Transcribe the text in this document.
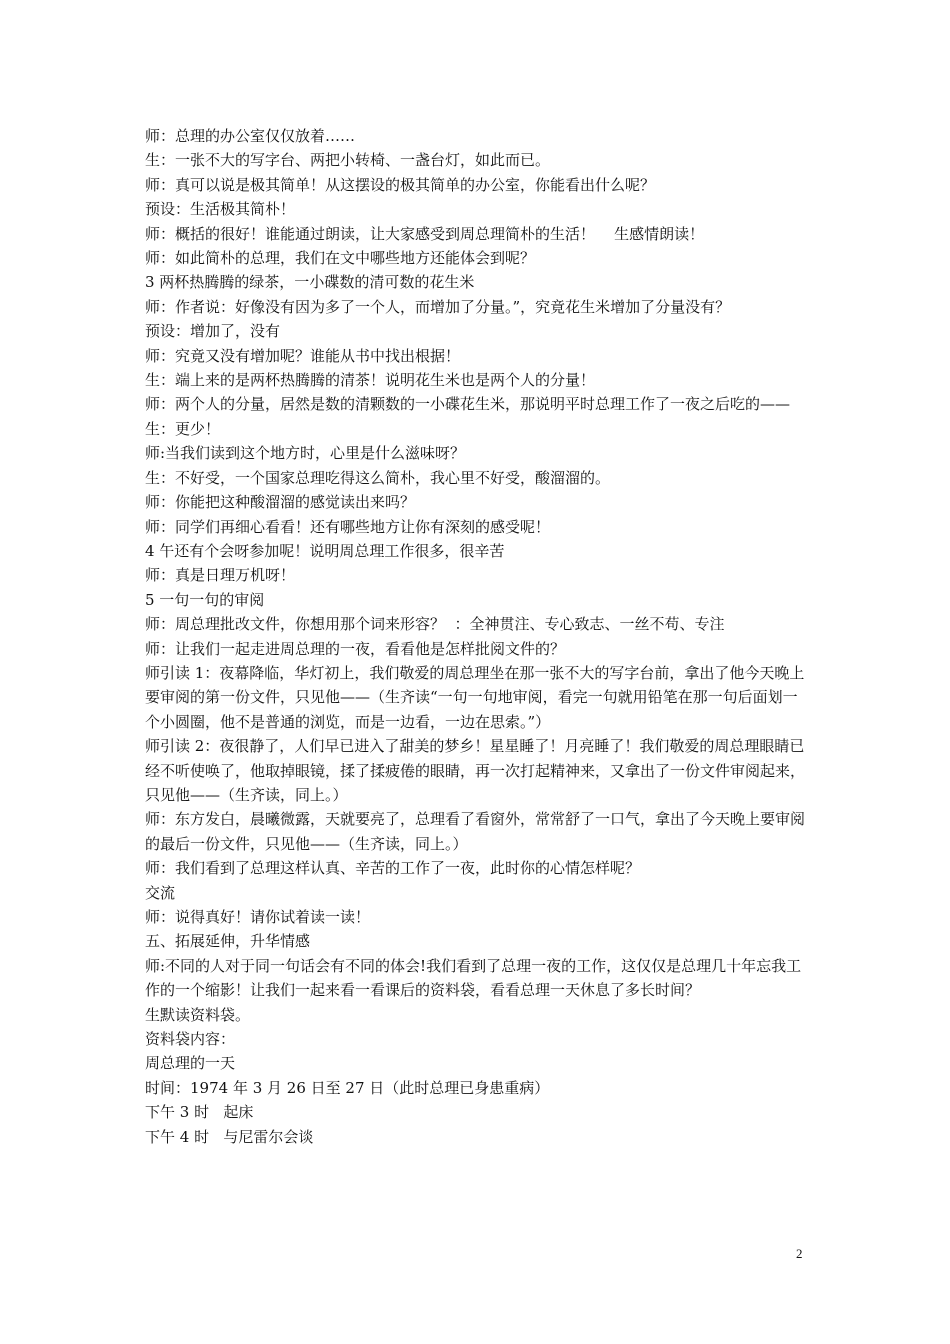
师：总理的办公室仅仅放着……

生：一张不大的写字台、两把小转椅、一盏台灯，如此而已。

师：真可以说是极其简单！从这摆设的极其简单的办公室，你能看出什么呢？

预设：生活极其简朴！

师：概括的很好！谁能通过朗读，让大家感受到周总理简朴的生活！    生感情朗读！

师：如此简朴的总理，我们在文中哪些地方还能体会到呢？

3 两杯热腾腾的绿茶，一小碟数的清可数的花生米

师：作者说：好像没有因为多了一个人，而增加了分量。”，究竟花生米增加了分量没有？

预设：增加了，没有

师：究竟又没有增加呢？谁能从书中找出根据！

生：端上来的是两杯热腾腾的清茶！说明花生米也是两个人的分量！

师：两个人的分量，居然是数的清颗数的一小碟花生米，那说明平时总理工作了一夜之后吃的——

生：更少！

师:当我们读到这个地方时，心里是什么滋味呀？

生：不好受，一个国家总理吃得这么简朴，我心里不好受，酸溜溜的。

师：你能把这种酸溜溜的感觉读出来吗？

师：同学们再细心看看！还有哪些地方让你有深刻的感受呢！

4 午还有个会呀参加呢！说明周总理工作很多，很辛苦

师：真是日理万机呀！

5 一句一句的审阅

师：周总理批改文件，你想用那个词来形容？  ：全神贯注、专心致志、一丝不苟、专注

师：让我们一起走进周总理的一夜，看看他是怎样批阅文件的？

师引读 1：夜幕降临，华灯初上，我们敬爱的周总理坐在那一张不大的写字台前，拿出了他今天晚上要审阅的第一份文件，只见他——（生齐读“一句一句地审阅，看完一句就用铅笔在那一句后面划一个小圆圈，他不是普通的浏览，而是一边看，一边在思索。”）

师引读 2：夜很静了，人们早已进入了甜美的梦乡！星星睡了！月亮睡了！我们敬爱的周总理眼睛已经不听使唤了，他取掉眼镜，揉了揉疲倦的眼睛，再一次打起精神来，又拿出了一份文件审阅起来，只见他——（生齐读，同上。）

师：东方发白，晨曦微露，天就要亮了，总理看了看窗外，常常舒了一口气，拿出了今天晚上要审阅的最后一份文件，只见他——（生齐读，同上。）

师：我们看到了总理这样认真、辛苦的工作了一夜，此时你的心情怎样呢？

交流

师：说得真好！请你试着读一读！

五、拓展延伸，升华情感

师:不同的人对于同一句话会有不同的体会!我们看到了总理一夜的工作，这仅仅是总理几十年忘我工作的一个缩影！让我们一起来看一看课后的资料袋，看看总理一天休息了多长时间？

生默读资料袋。

资料袋内容：

周总理的一天

时间：1974 年 3 月 26 日至 27 日（此时总理已身患重病）

下午 3 时   起床

下午 4 时   与尼雷尔会谈

2
